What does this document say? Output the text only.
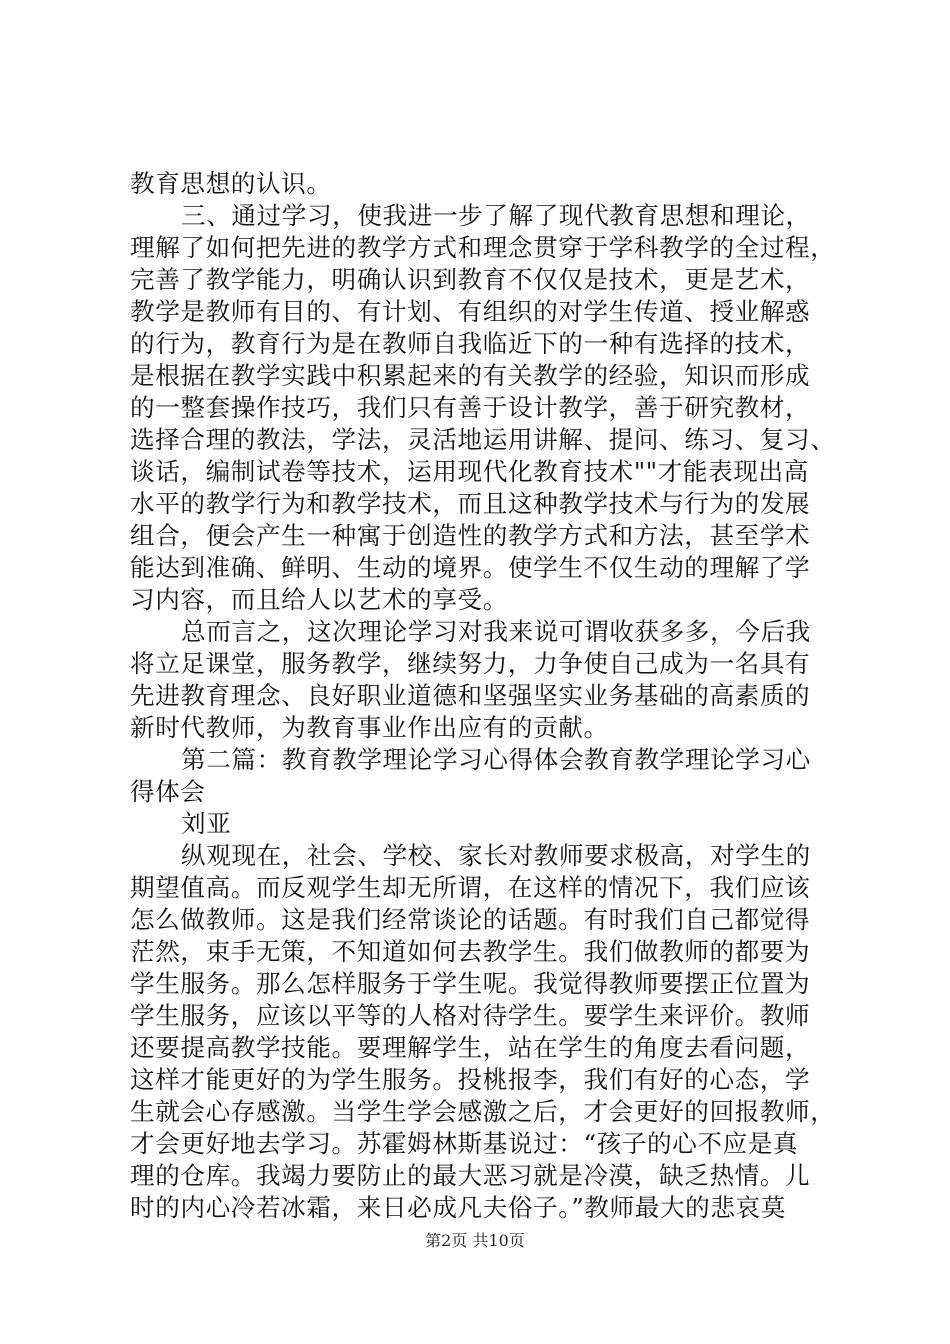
教育思想的认识。
三、通过学习，使我进一步了解了现代教育思想和理论，
理解了如何把先进的教学方式和理念贯穿于学科教学的全过程，
完善了教学能力，明确认识到教育不仅仅是技术，更是艺术，
教学是教师有目的、有计划、有组织的对学生传道、授业解惑
的行为，教育行为是在教师自我临近下的一种有选择的技术，
是根据在教学实践中积累起来的有关教学的经验，知识而形成
的一整套操作技巧，我们只有善于设计教学，善于研究教材，
选择合理的教法，学法，灵活地运用讲解、提问、练习、复习、
谈话，编制试卷等技术，运用现代化教育技术""才能表现出高
水平的教学行为和教学技术，而且这种教学技术与行为的发展
组合，便会产生一种寓于创造性的教学方式和方法，甚至学术
能达到准确、鲜明、生动的境界。使学生不仅生动的理解了学
习内容，而且给人以艺术的享受。
总而言之，这次理论学习对我来说可谓收获多多，今后我
将立足课堂，服务教学，继续努力，力争使自己成为一名具有
先进教育理念、良好职业道德和坚强坚实业务基础的高素质的
新时代教师，为教育事业作出应有的贡献。
第二篇：教育教学理论学习心得体会教育教学理论学习心
得体会
刘亚
纵观现在，社会、学校、家长对教师要求极高，对学生的
期望值高。而反观学生却无所谓，在这样的情况下，我们应该
怎么做教师。这是我们经常谈论的话题。有时我们自己都觉得
茫然，束手无策，不知道如何去教学生。我们做教师的都要为
学生服务。那么怎样服务于学生呢。我觉得教师要摆正位置为
学生服务，应该以平等的人格对待学生。要学生来评价。教师
还要提高教学技能。要理解学生，站在学生的角度去看问题，
这样才能更好的为学生服务。投桃报李，我们有好的心态，学
生就会心存感激。当学生学会感激之后，才会更好的回报教师，
才会更好地去学习。苏霍姆林斯基说过：“孩子的心不应是真
理的仓库。我竭力要防止的最大恶习就是冷漠，缺乏热情。儿
时的内心冷若冰霜，来日必成凡夫俗子。”教师最大的悲哀莫
第2页 共10页
